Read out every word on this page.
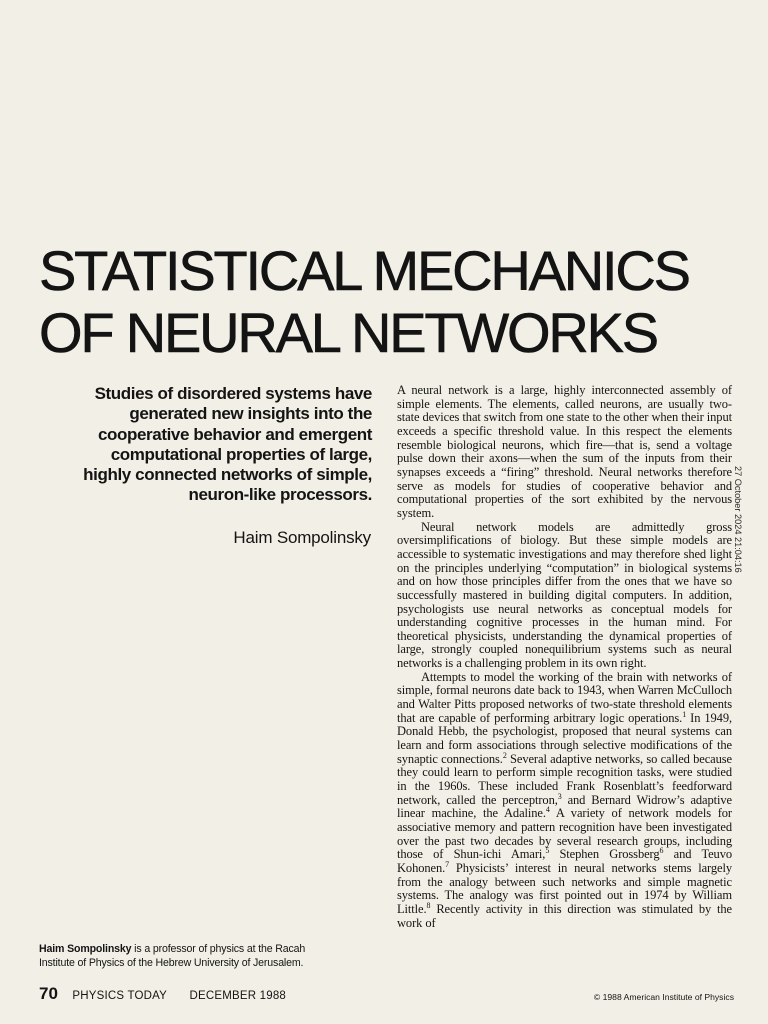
STATISTICAL MECHANICS
OF NEURAL NETWORKS
Studies of disordered systems have
generated new insights into the
cooperative behavior and emergent
computational properties of large,
highly connected networks of simple,
neuron-like processors.

Haim Sompolinsky

A neural network is a large, highly interconnected assembly of simple elements. The elements, called neurons, are usually two-state devices that switch from one state to the other when their input exceeds a specific threshold value. In this respect the elements resemble biological neurons, which fire—that is, send a voltage pulse down their axons—when the sum of the inputs from their synapses exceeds a “firing” threshold. Neural networks therefore serve as models for studies of cooperative behavior and computational properties of the sort exhibited by the nervous system.

Neural network models are admittedly gross oversimplifications of biology. But these simple models are accessible to systematic investigations and may therefore shed light on the principles underlying “computation” in biological systems and on how those principles differ from the ones that we have so successfully mastered in building digital computers. In addition, psychologists use neural networks as conceptual models for understanding cognitive processes in the human mind. For theoretical physicists, understanding the dynamical properties of large, strongly coupled nonequilibrium systems such as neural networks is a challenging problem in its own right.

Attempts to model the working of the brain with networks of simple, formal neurons date back to 1943, when Warren McCulloch and Walter Pitts proposed networks of two-state threshold elements that are capable of performing arbitrary logic operations.$^1$ In 1949, Donald Hebb, the psychologist, proposed that neural systems can learn and form associations through selective modifications of the synaptic connections.$^2$ Several adaptive networks, so called because they could learn to perform simple recognition tasks, were studied in the 1960s. These included Frank Rosenblatt’s feedforward network, called the perceptron,$^3$ and Bernard Widrow’s adaptive linear machine, the Adaline.$^4$ A variety of network models for associative memory and pattern recognition have been investigated over the past two decades by several research groups, including those of Shun-ichi Amari,$^5$ Stephen Grossberg$^6$ and Teuvo Kohonen.$^7$ Physicists’ interest in neural networks stems largely from the analogy between such networks and simple magnetic systems. The analogy was first pointed out in 1974 by William Little.$^8$ Recently activity in this direction was stimulated by the work of

27 October 2024 21:04:16
Haim Sompolinsky is a professor of physics at the Racah
Institute of Physics of the Hebrew University of Jerusalem.
70 PHYSICS TODAY DECEMBER 1988	© 1988 American Institute of Physics
